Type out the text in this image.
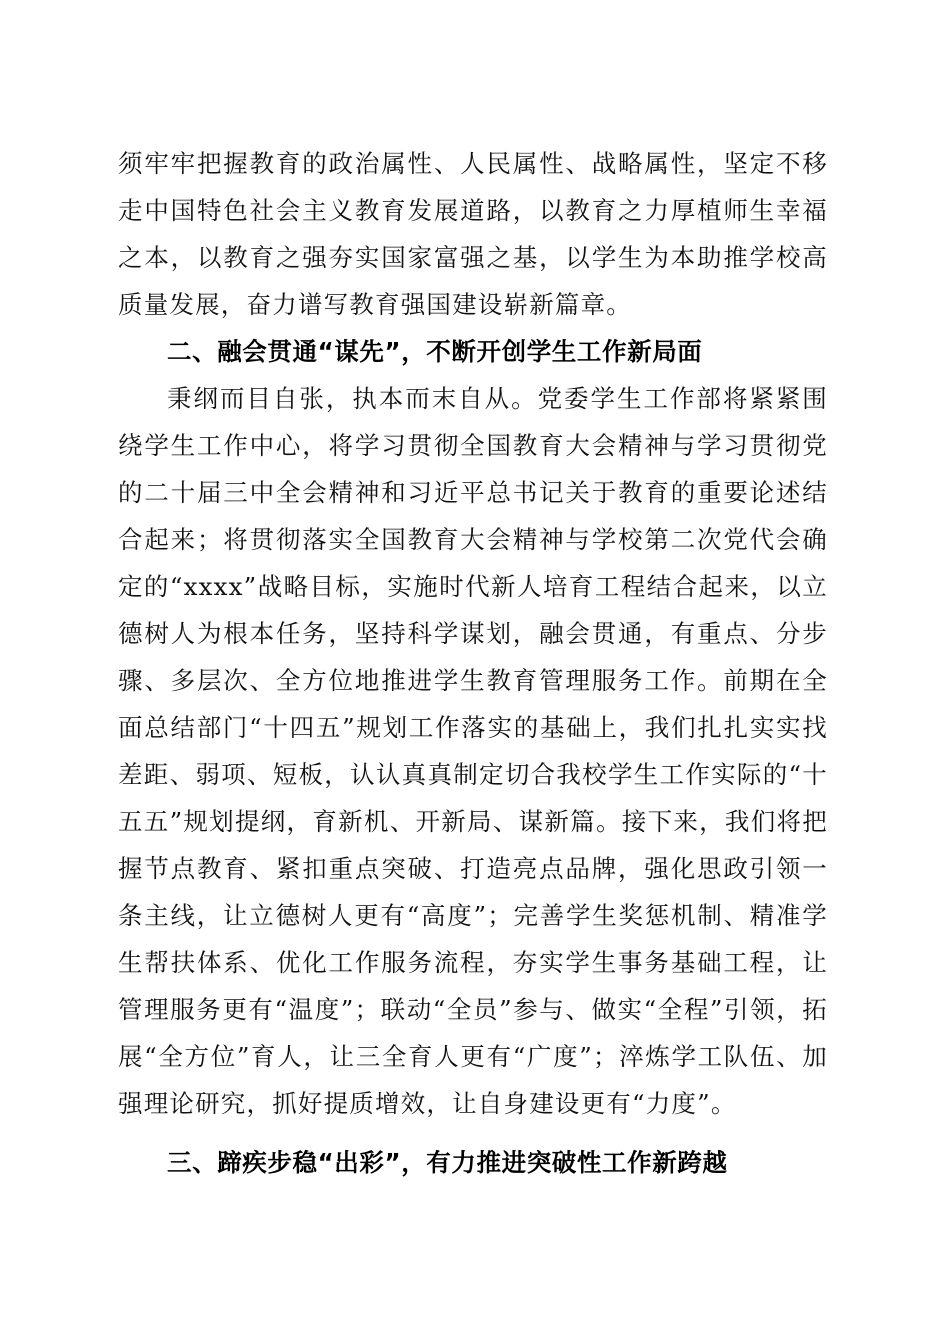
须牢牢把握教育的政治属性、人民属性、战略属性，坚定不移走中国特色社会主义教育发展道路，以教育之力厚植师生幸福之本，以教育之强夯实国家富强之基，以学生为本助推学校高质量发展，奋力谱写教育强国建设崭新篇章。

二、融会贯通“谋先”，不断开创学生工作新局面

秉纲而目自张，执本而末自从。党委学生工作部将紧紧围绕学生工作中心，将学习贯彻全国教育大会精神与学习贯彻党的二十届三中全会精神和习近平总书记关于教育的重要论述结合起来；将贯彻落实全国教育大会精神与学校第二次党代会确定的“xxxx”战略目标，实施时代新人培育工程结合起来，以立德树人为根本任务，坚持科学谋划，融会贯通，有重点、分步骤、多层次、全方位地推进学生教育管理服务工作。前期在全面总结部门“十四五”规划工作落实的基础上，我们扎扎实实找差距、弱项、短板，认认真真制定切合我校学生工作实际的“十五五”规划提纲，育新机、开新局、谋新篇。接下来，我们将把握节点教育、紧扣重点突破、打造亮点品牌，强化思政引领一条主线，让立德树人更有“高度”；完善学生奖惩机制、精准学生帮扶体系、优化工作服务流程，夯实学生事务基础工程，让管理服务更有“温度”；联动“全员”参与、做实“全程”引领，拓展“全方位”育人，让三全育人更有“广度”；淬炼学工队伍、加强理论研究，抓好提质增效，让自身建设更有“力度”。

三、蹄疾步稳“出彩”，有力推进突破性工作新跨越
